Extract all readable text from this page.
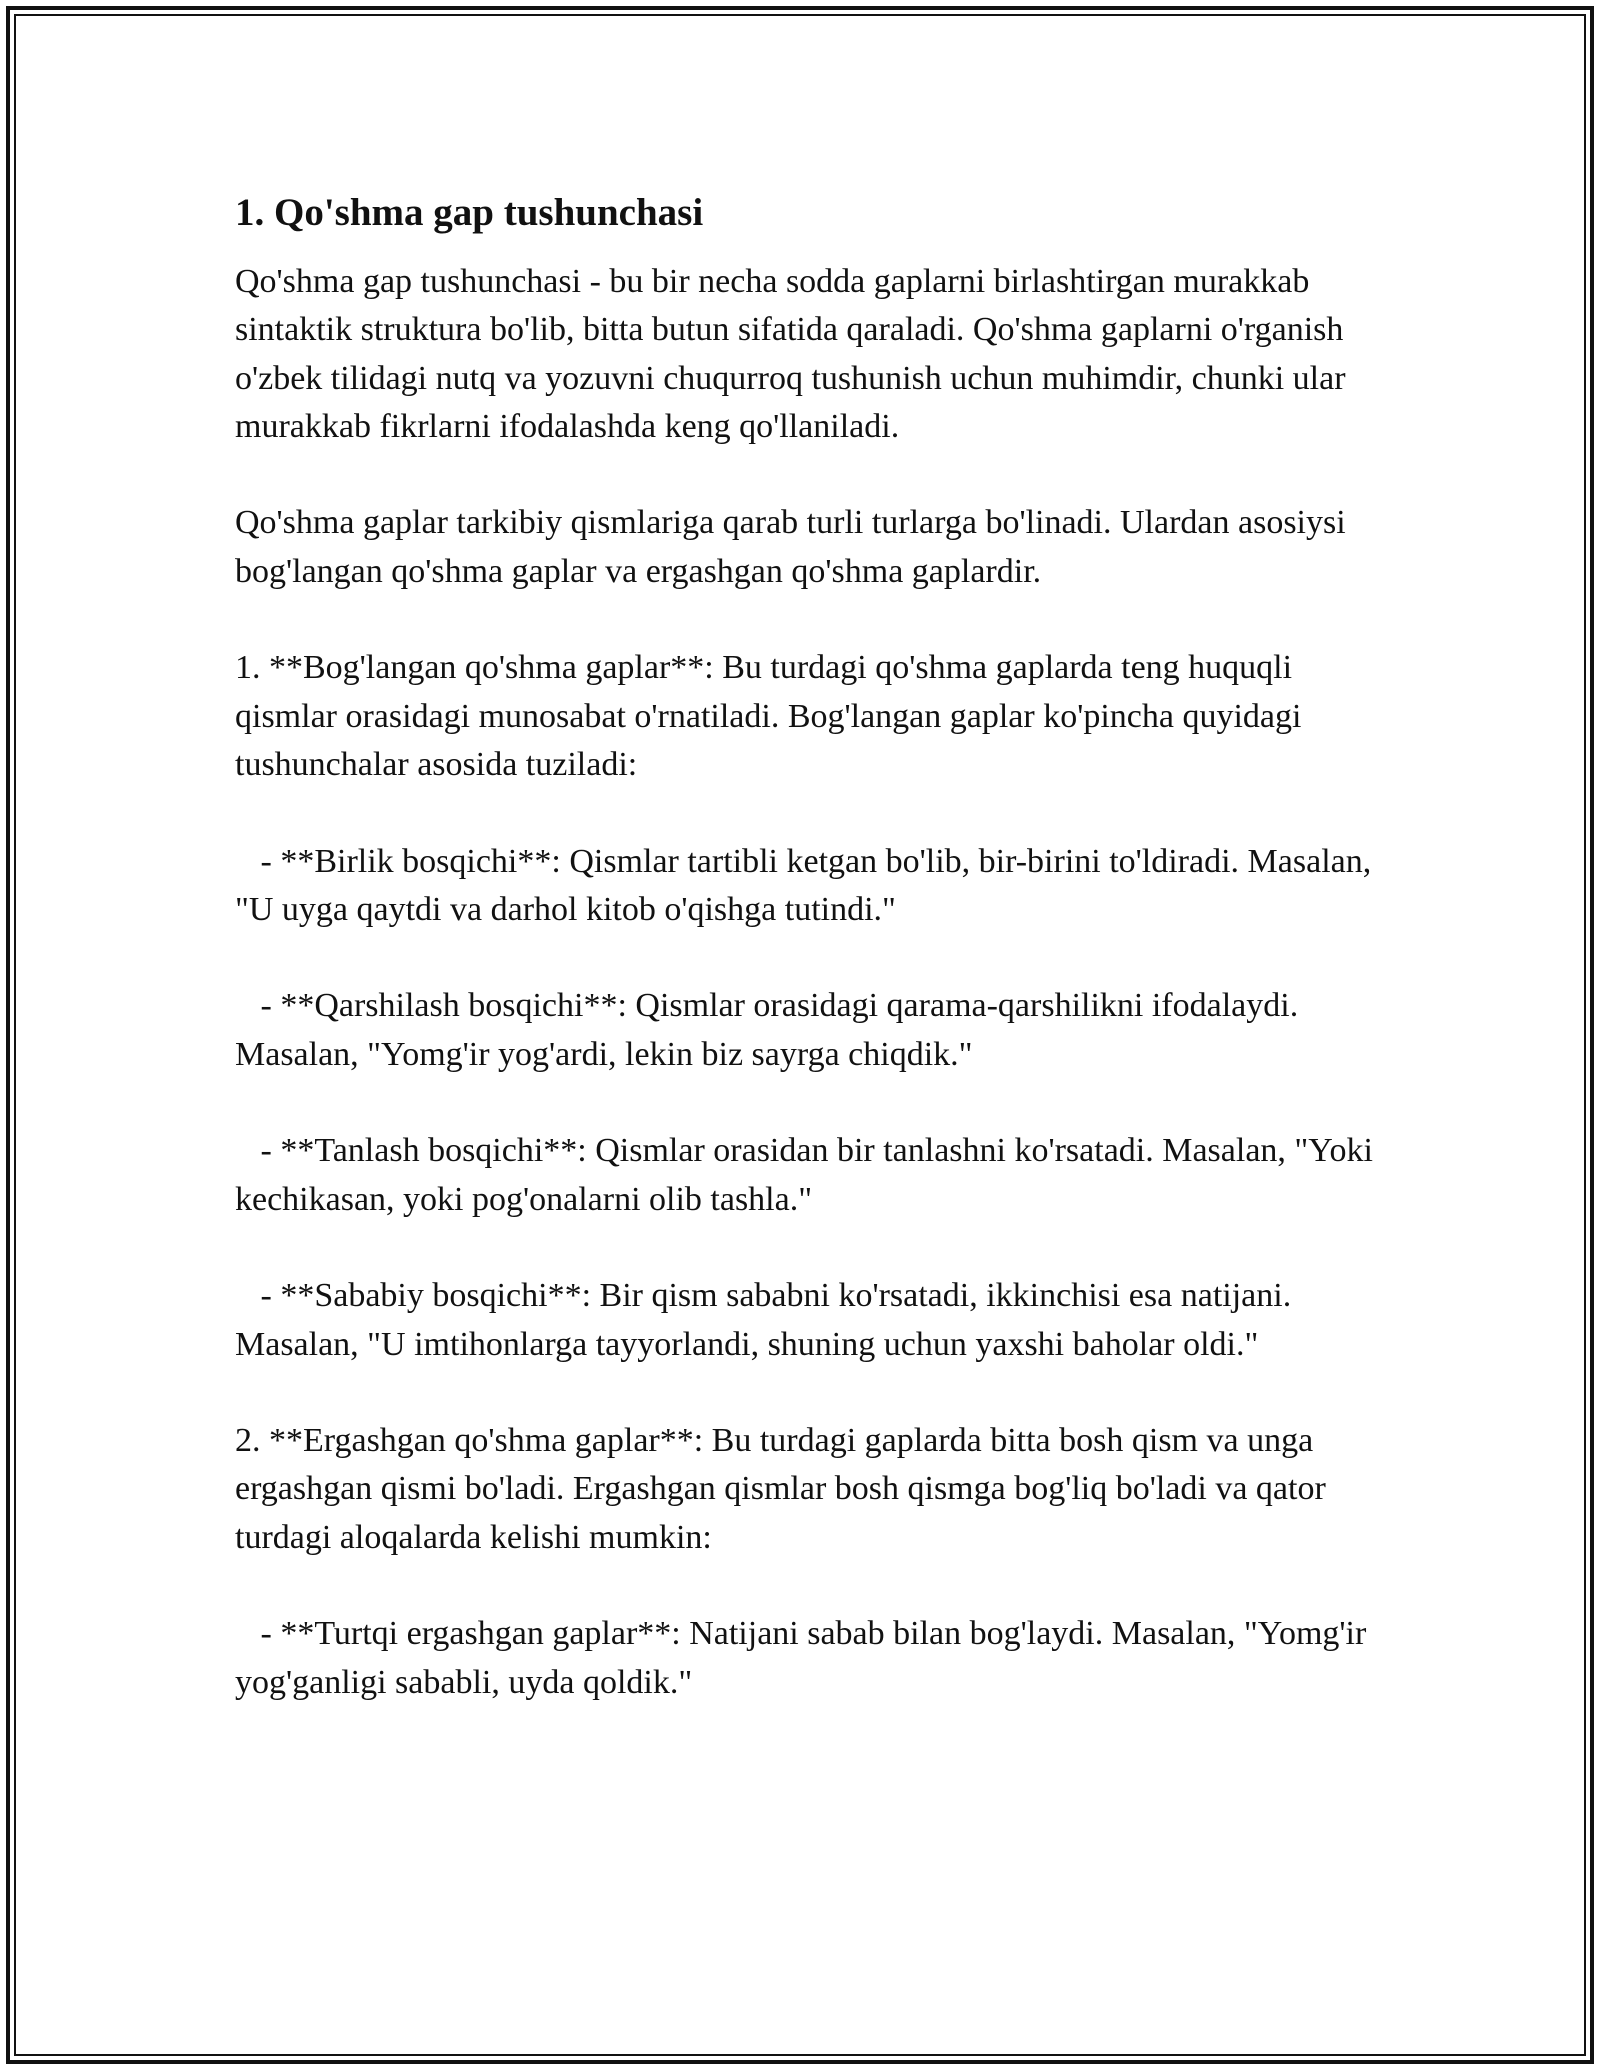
1. Qo'shma gap tushunchasi

Qo'shma gap tushunchasi - bu bir necha sodda gaplarni birlashtirgan murakkab sintaktik struktura bo'lib, bitta butun sifatida qaraladi. Qo'shma gaplarni o'rganish o'zbek tilidagi nutq va yozuvni chuqurroq tushunish uchun muhimdir, chunki ular murakkab fikrlarni ifodalashda keng qo'llaniladi.

Qo'shma gaplar tarkibiy qismlariga qarab turli turlarga bo'linadi. Ulardan asosiysi bog'langan qo'shma gaplar va ergashgan qo'shma gaplardir.

1. **Bog'langan qo'shma gaplar**: Bu turdagi qo'shma gaplarda teng huquqli qismlar orasidagi munosabat o'rnatiladi. Bog'langan gaplar ko'pincha quyidagi tushunchalar asosida tuziladi:

- **Birlik bosqichi**: Qismlar tartibli ketgan bo'lib, bir-birini to'ldiradi. Masalan, "U uyga qaytdi va darhol kitob o'qishga tutindi."

- **Qarshilash bosqichi**: Qismlar orasidagi qarama-qarshilikni ifodalaydi. Masalan, "Yomg'ir yog'ardi, lekin biz sayrga chiqdik."

- **Tanlash bosqichi**: Qismlar orasidan bir tanlashni ko'rsatadi. Masalan, "Yoki kechikasan, yoki pog'onalarni olib tashla."

- **Sababiy bosqichi**: Bir qism sababni ko'rsatadi, ikkinchisi esa natijani. Masalan, "U imtihonlarga tayyorlandi, shuning uchun yaxshi baholar oldi."

2. **Ergashgan qo'shma gaplar**: Bu turdagi gaplarda bitta bosh qism va unga ergashgan qismi bo'ladi. Ergashgan qismlar bosh qismga bog'liq bo'ladi va qator turdagi aloqalarda kelishi mumkin:

- **Turtqi ergashgan gaplar**: Natijani sabab bilan bog'laydi. Masalan, "Yomg'ir yog'ganligi sababli, uyda qoldik."
